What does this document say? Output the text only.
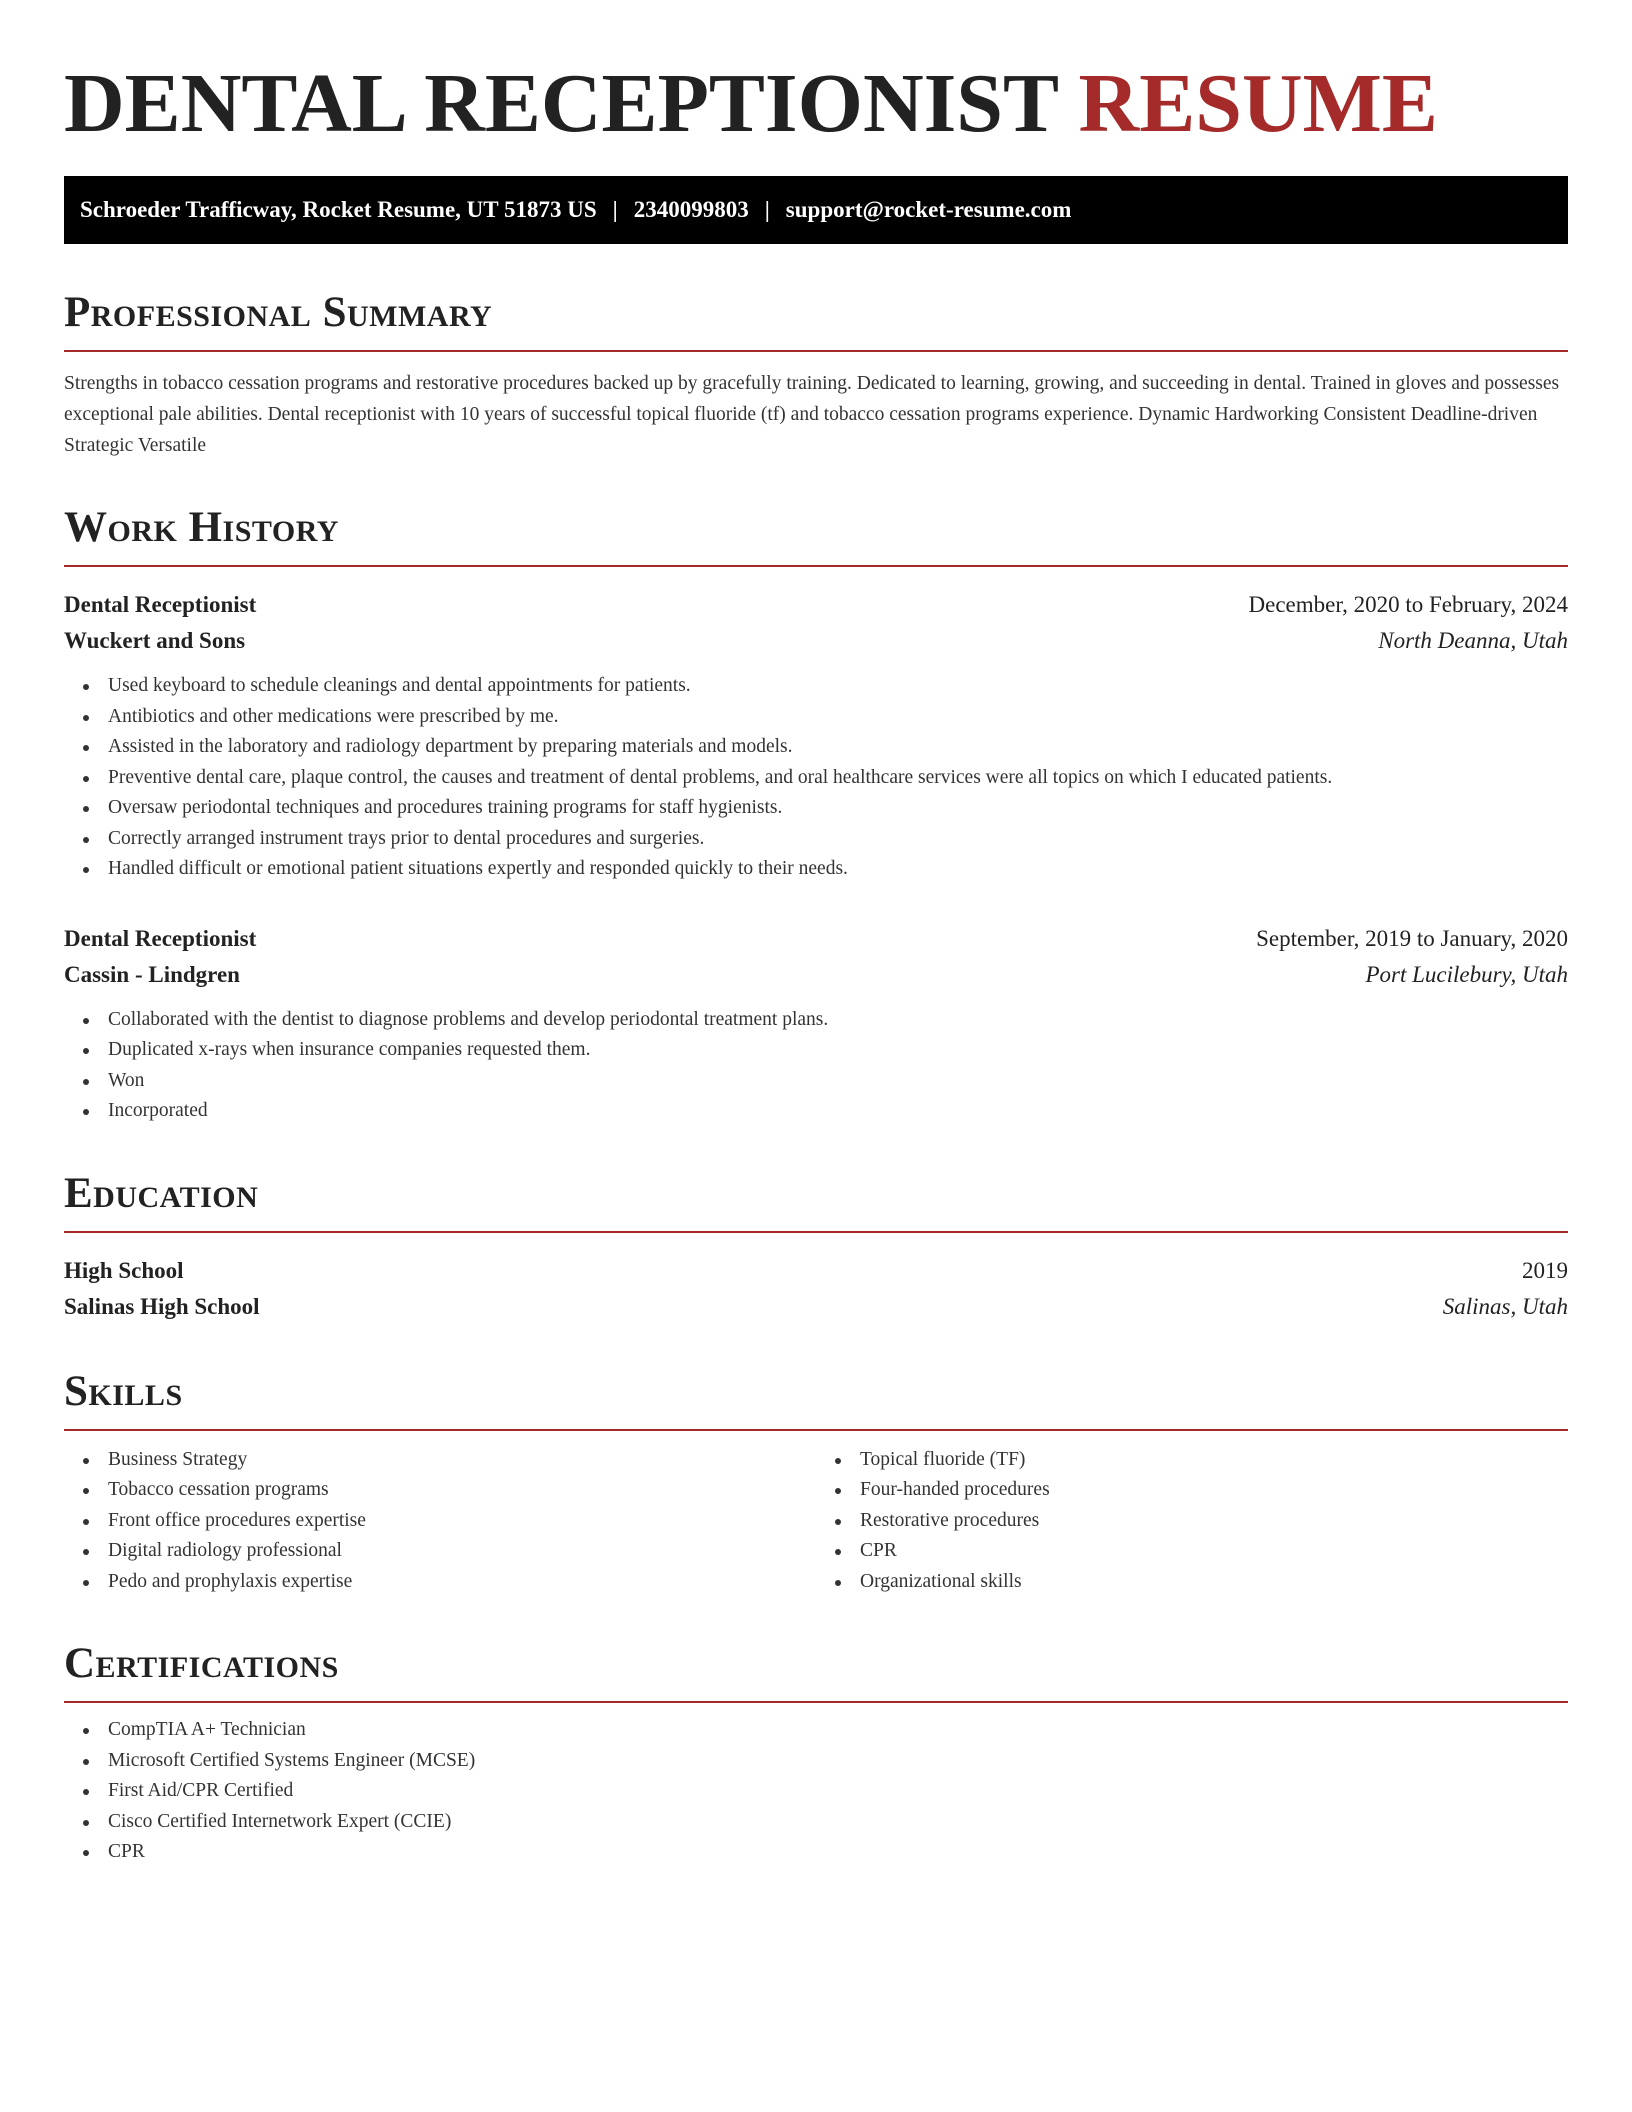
DENTAL RECEPTIONIST RESUME
Schroeder Trafficway, Rocket Resume, UT 51873 US | 2340099803 | support@rocket-resume.com
Professional Summary

Strengths in tobacco cessation programs and restorative procedures backed up by gracefully training. Dedicated to learning, growing, and succeeding in dental. Trained in gloves and possesses exceptional pale abilities. Dental receptionist with 10 years of successful topical fluoride (tf) and tobacco cessation programs experience. Dynamic Hardworking Consistent Deadline-driven Strategic Versatile

Work History
Dental Receptionist	December, 2020 to February, 2024
Wuckert and Sons	North Deanna, Utah
Used keyboard to schedule cleanings and dental appointments for patients.
Antibiotics and other medications were prescribed by me.
Assisted in the laboratory and radiology department by preparing materials and models.
Preventive dental care, plaque control, the causes and treatment of dental problems, and oral healthcare services were all topics on which I educated patients.
Oversaw periodontal techniques and procedures training programs for staff hygienists.
Correctly arranged instrument trays prior to dental procedures and surgeries.
Handled difficult or emotional patient situations expertly and responded quickly to their needs.
Dental Receptionist	September, 2019 to January, 2020
Cassin - Lindgren	Port Lucilebury, Utah
Collaborated with the dentist to diagnose problems and develop periodontal treatment plans.
Duplicated x-rays when insurance companies requested them.
Won
Incorporated
Education
High School	2019
Salinas High School	Salinas, Utah
Skills
Business Strategy
Tobacco cessation programs
Front office procedures expertise
Digital radiology professional
Pedo and prophylaxis expertise
Topical fluoride (TF)
Four-handed procedures
Restorative procedures
CPR
Organizational skills
Certifications
CompTIA A+ Technician
Microsoft Certified Systems Engineer (MCSE)
First Aid/CPR Certified
Cisco Certified Internetwork Expert (CCIE)
CPR
